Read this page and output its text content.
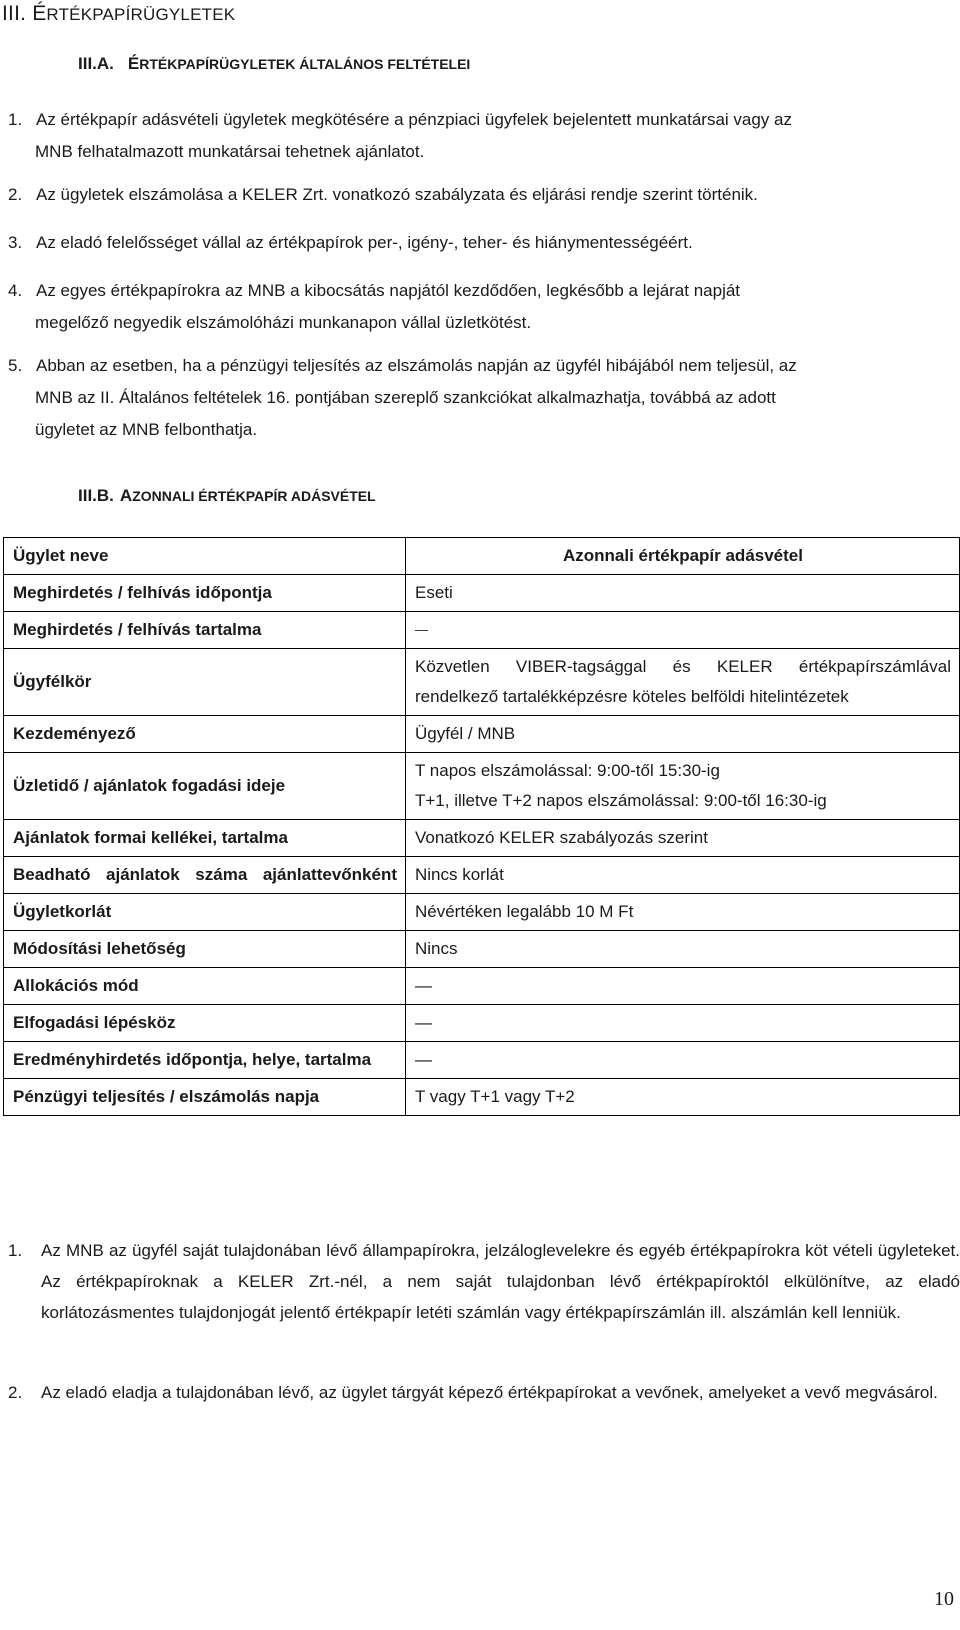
III. ÉRTÉKPAPÍRÜGYLETEK
III.A. ÉRTÉKPAPÍRÜGYLETEK ÁLTALÁNOS FELTÉTELEI
1. Az értékpapír adásvételi ügyletek megkötésére a pénzpiaci ügyfelek bejelentett munkatársai vagy az
MNB felhatalmazott munkatársai tehetnek ajánlatot.
2. Az ügyletek elszámolása a KELER Zrt. vonatkozó szabályzata és eljárási rendje szerint történik.
3. Az eladó felelősséget vállal az értékpapírok per-, igény-, teher- és hiánymentességéért.
4. Az egyes értékpapírokra az MNB a kibocsátás napjától kezdődően, legkésőbb a lejárat napját
megelőző negyedik elszámolóházi munkanapon vállal üzletkötést.
5. Abban az esetben, ha a pénzügyi teljesítés az elszámolás napján az ügyfél hibájából nem teljesül, az
MNB az II. Általános feltételek 16. pontjában szereplő szankciókat alkalmazhatja, továbbá az adott
ügyletet az MNB felbonthatja.
III.B. AZONNALI ÉRTÉKPAPÍR ADÁSVÉTEL
Ügylet neve	Azonnali értékpapír adásvétel
Meghirdetés / felhívás időpontja	Eseti
Meghirdetés / felhívás tartalma	—
Ügyfélkör	Közvetlen VIBER-tagsággal és KELER értékpapírszámlával rendelkező tartalékképzésre köteles belföldi hitelintézetek
Kezdeményező	Ügyfél / MNB
Üzletidő / ajánlatok fogadási ideje	T napos elszámolással: 9:00-től 15:30-ig
T+1, illetve T+2 napos elszámolással: 9:00-től 16:30-ig

Ajánlatok formai kellékei, tartalma	Vonatkozó KELER szabályozás szerint
Beadható ajánlatok száma ajánlattevőnként	Nincs korlát
Ügyletkorlát	Névértéken legalább 10 M Ft
Módosítási lehetőség	Nincs
Allokációs mód	—
Elfogadási lépésköz	—
Eredményhirdetés időpontja, helye, tartalma	—
Pénzügyi teljesítés / elszámolás napja	T vagy T+1 vagy T+2
1.	Az MNB az ügyfél saját tulajdonában lévő állampapírokra, jelzáloglevelekre és egyéb értékpapírokra köt vételi ügyleteket. Az értékpapíroknak a KELER Zrt.-nél, a nem saját tulajdonban lévő értékpapíroktól elkülönítve, az eladó korlátozásmentes tulajdonjogát jelentő értékpapír letéti számlán vagy értékpapírszámlán ill. alszámlán kell lenniük.
2.	Az eladó eladja a tulajdonában lévő, az ügylet tárgyát képező értékpapírokat a vevőnek, amelyeket a vevő megvásárol.
10
